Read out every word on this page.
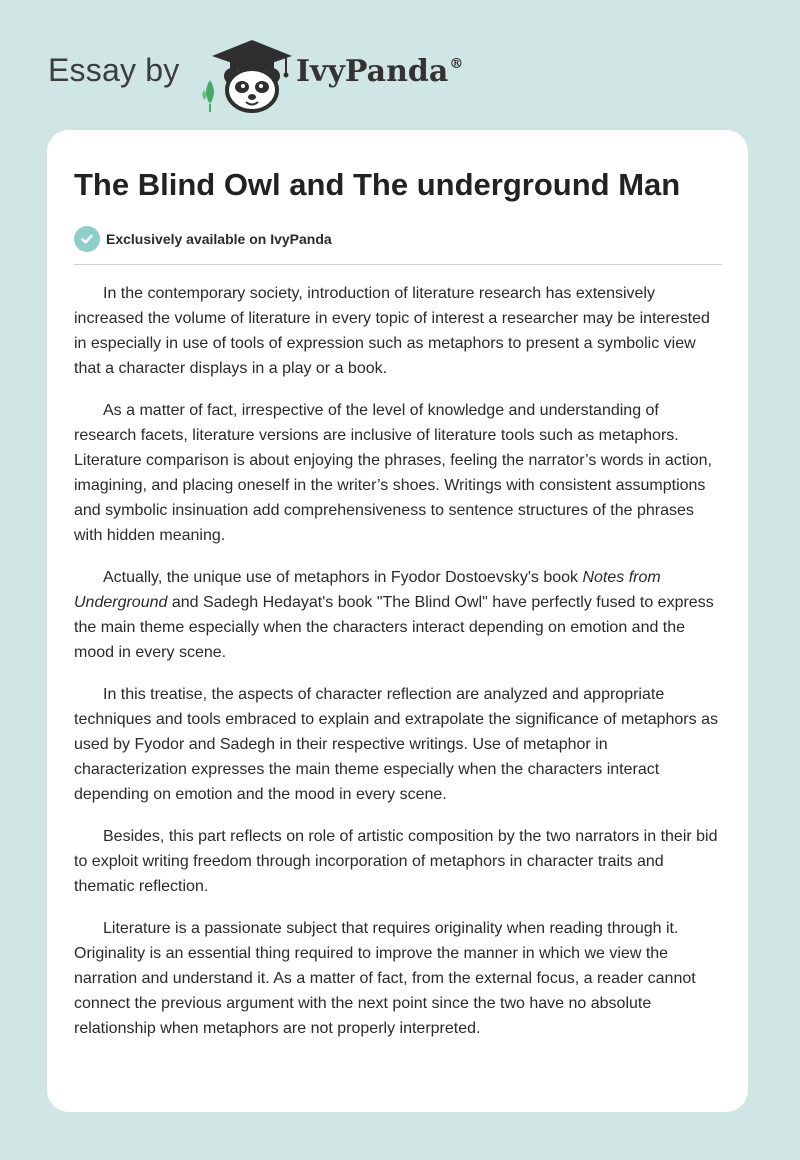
Essay by	IvyPanda®
The Blind Owl and The underground Man
Exclusively available on IvyPanda

In the contemporary society, introduction of literature research has extensively increased the volume of literature in every topic of interest a researcher may be interested in especially in use of tools of expression such as metaphors to present a symbolic view that a character displays in a play or a book.

As a matter of fact, irrespective of the level of knowledge and understanding of research facets, literature versions are inclusive of literature tools such as metaphors. Literature comparison is about enjoying the phrases, feeling the narrator’s words in action, imagining, and placing oneself in the writer’s shoes. Writings with consistent assumptions and symbolic insinuation add comprehensiveness to sentence structures of the phrases with hidden meaning.

Actually, the unique use of metaphors in Fyodor Dostoevsky's book Notes from Underground and Sadegh Hedayat's book "The Blind Owl" have perfectly fused to express the main theme especially when the characters interact depending on emotion and the mood in every scene.

In this treatise, the aspects of character reflection are analyzed and appropriate techniques and tools embraced to explain and extrapolate the significance of metaphors as used by Fyodor and Sadegh in their respective writings. Use of metaphor in characterization expresses the main theme especially when the characters interact depending on emotion and the mood in every scene.

Besides, this part reflects on role of artistic composition by the two narrators in their bid to exploit writing freedom through incorporation of metaphors in character traits and thematic reflection.

Literature is a passionate subject that requires originality when reading through it. Originality is an essential thing required to improve the manner in which we view the narration and understand it. As a matter of fact, from the external focus, a reader cannot connect the previous argument with the next point since the two have no absolute relationship when metaphors are not properly interpreted.
